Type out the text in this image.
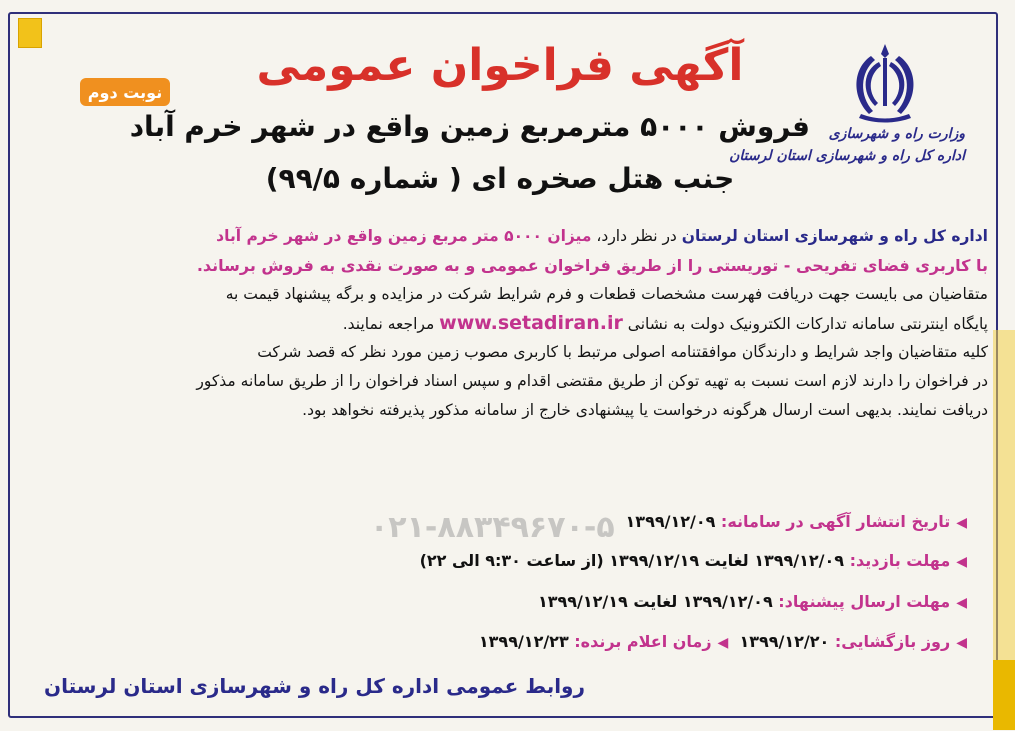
وزارت راه و شهرسازی
اداره کل راه و شهرسازی استان لرستان
نوبت دوم
آگهی فراخوان عمومی
فروش ۵۰۰۰ مترمربع زمین واقع در شهر خرم آباد
جنب هتل صخره ای ( شماره ۹۹/۵)
اداره کل راه و شهرسازی استان لرستان در نظر دارد، میزان ۵۰۰۰ متر مربع زمین واقع در شهر خرم آباد
با کاربری فضای تفریحی - توریستی را از طریق فراخوان عمومی و به صورت نقدی به فروش برساند.
متقاضیان می بایست جهت دریافت فهرست مشخصات قطعات و فرم شرایط شرکت در مزایده و برگه پیشنهاد قیمت به
پایگاه اینترنتی سامانه تدارکات الکترونیک دولت به نشانی www.setadiran.ir مراجعه نمایند.
کلیه متقاضیان واجد شرایط و دارندگان موافقتنامه اصولی مرتبط با کاربری مصوب زمین مورد نظر که قصد شرکت
در فراخوان را دارند لازم است نسبت به تهیه توکن از طریق مقتضی اقدام و سپس اسناد فراخوان را از طریق سامانه مذکور
دریافت نمایند. بدیهی است ارسال هرگونه درخواست یا پیشنهادی خارج از سامانه مذکور پذیرفته نخواهد بود.
۰۲۱-۸۸۳۴۹۶۷۰-۵	◀تاریخ انتشار آگهی در سامانه: ۱۳۹۹/۱۲/۰۹
◀مهلت بازدید: ۱۳۹۹/۱۲/۰۹ لغایت ۱۳۹۹/۱۲/۱۹ (از ساعت ۹:۳۰ الی ۲۲)
◀مهلت ارسال پیشنهاد: ۱۳۹۹/۱۲/۰۹ لغایت ۱۳۹۹/۱۲/۱۹
◀روز بازگشایی: ۱۳۹۹/۱۲/۲۰  ◀زمان اعلام برنده: ۱۳۹۹/۱۲/۲۳
روابط عمومی اداره کل راه و شهرسازی استان لرستان
